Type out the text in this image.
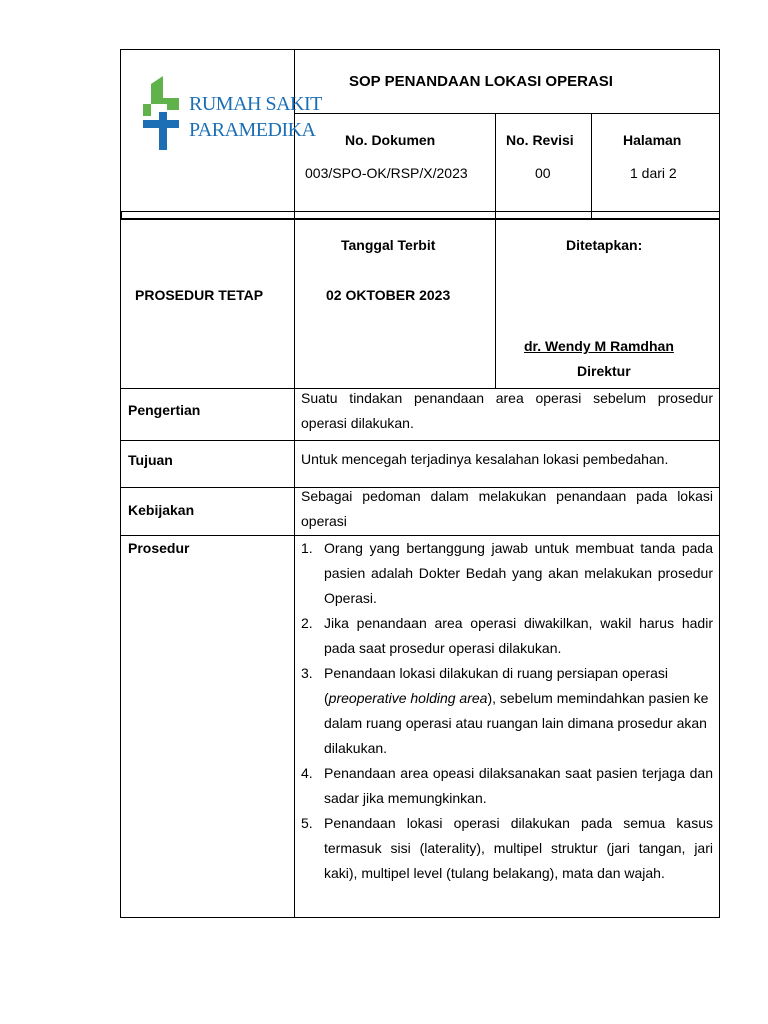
RUMAH SAKIT
PARAMEDIKA
SOP PENANDAAN LOKASI OPERASI
No. Dokumen
003/SPO-OK/RSP/X/2023
No. Revisi
00
Halaman
1 dari 2
PROSEDUR TETAP
Tanggal Terbit
02 OKTOBER 2023
Ditetapkan:
dr. Wendy M Ramdhan
Direktur
Pengertian
Suatu tindakan penandaan area operasi sebelum prosedur operasi dilakukan.
Tujuan	Untuk mencegah terjadinya kesalahan lokasi pembedahan.
Kebijakan
Sebagai pedoman dalam melakukan penandaan pada lokasi operasi
Prosedur	1. Orang yang bertanggung jawab untuk membuat tanda pada pasien adalah Dokter Bedah yang akan melakukan prosedur Operasi.
2. Jika penandaan area operasi diwakilkan, wakil harus hadir pada saat prosedur operasi dilakukan.
3. Penandaan lokasi dilakukan di ruang persiapan operasi (preoperative holding area), sebelum memindahkan pasien ke dalam ruang operasi atau ruangan lain dimana prosedur akan dilakukan.
4. Penandaan area opeasi dilaksanakan saat pasien terjaga dan sadar jika memungkinkan.
5. Penandaan lokasi operasi dilakukan pada semua kasus termasuk sisi (laterality), multipel struktur (jari tangan, jari kaki), multipel level (tulang belakang), mata dan wajah.
